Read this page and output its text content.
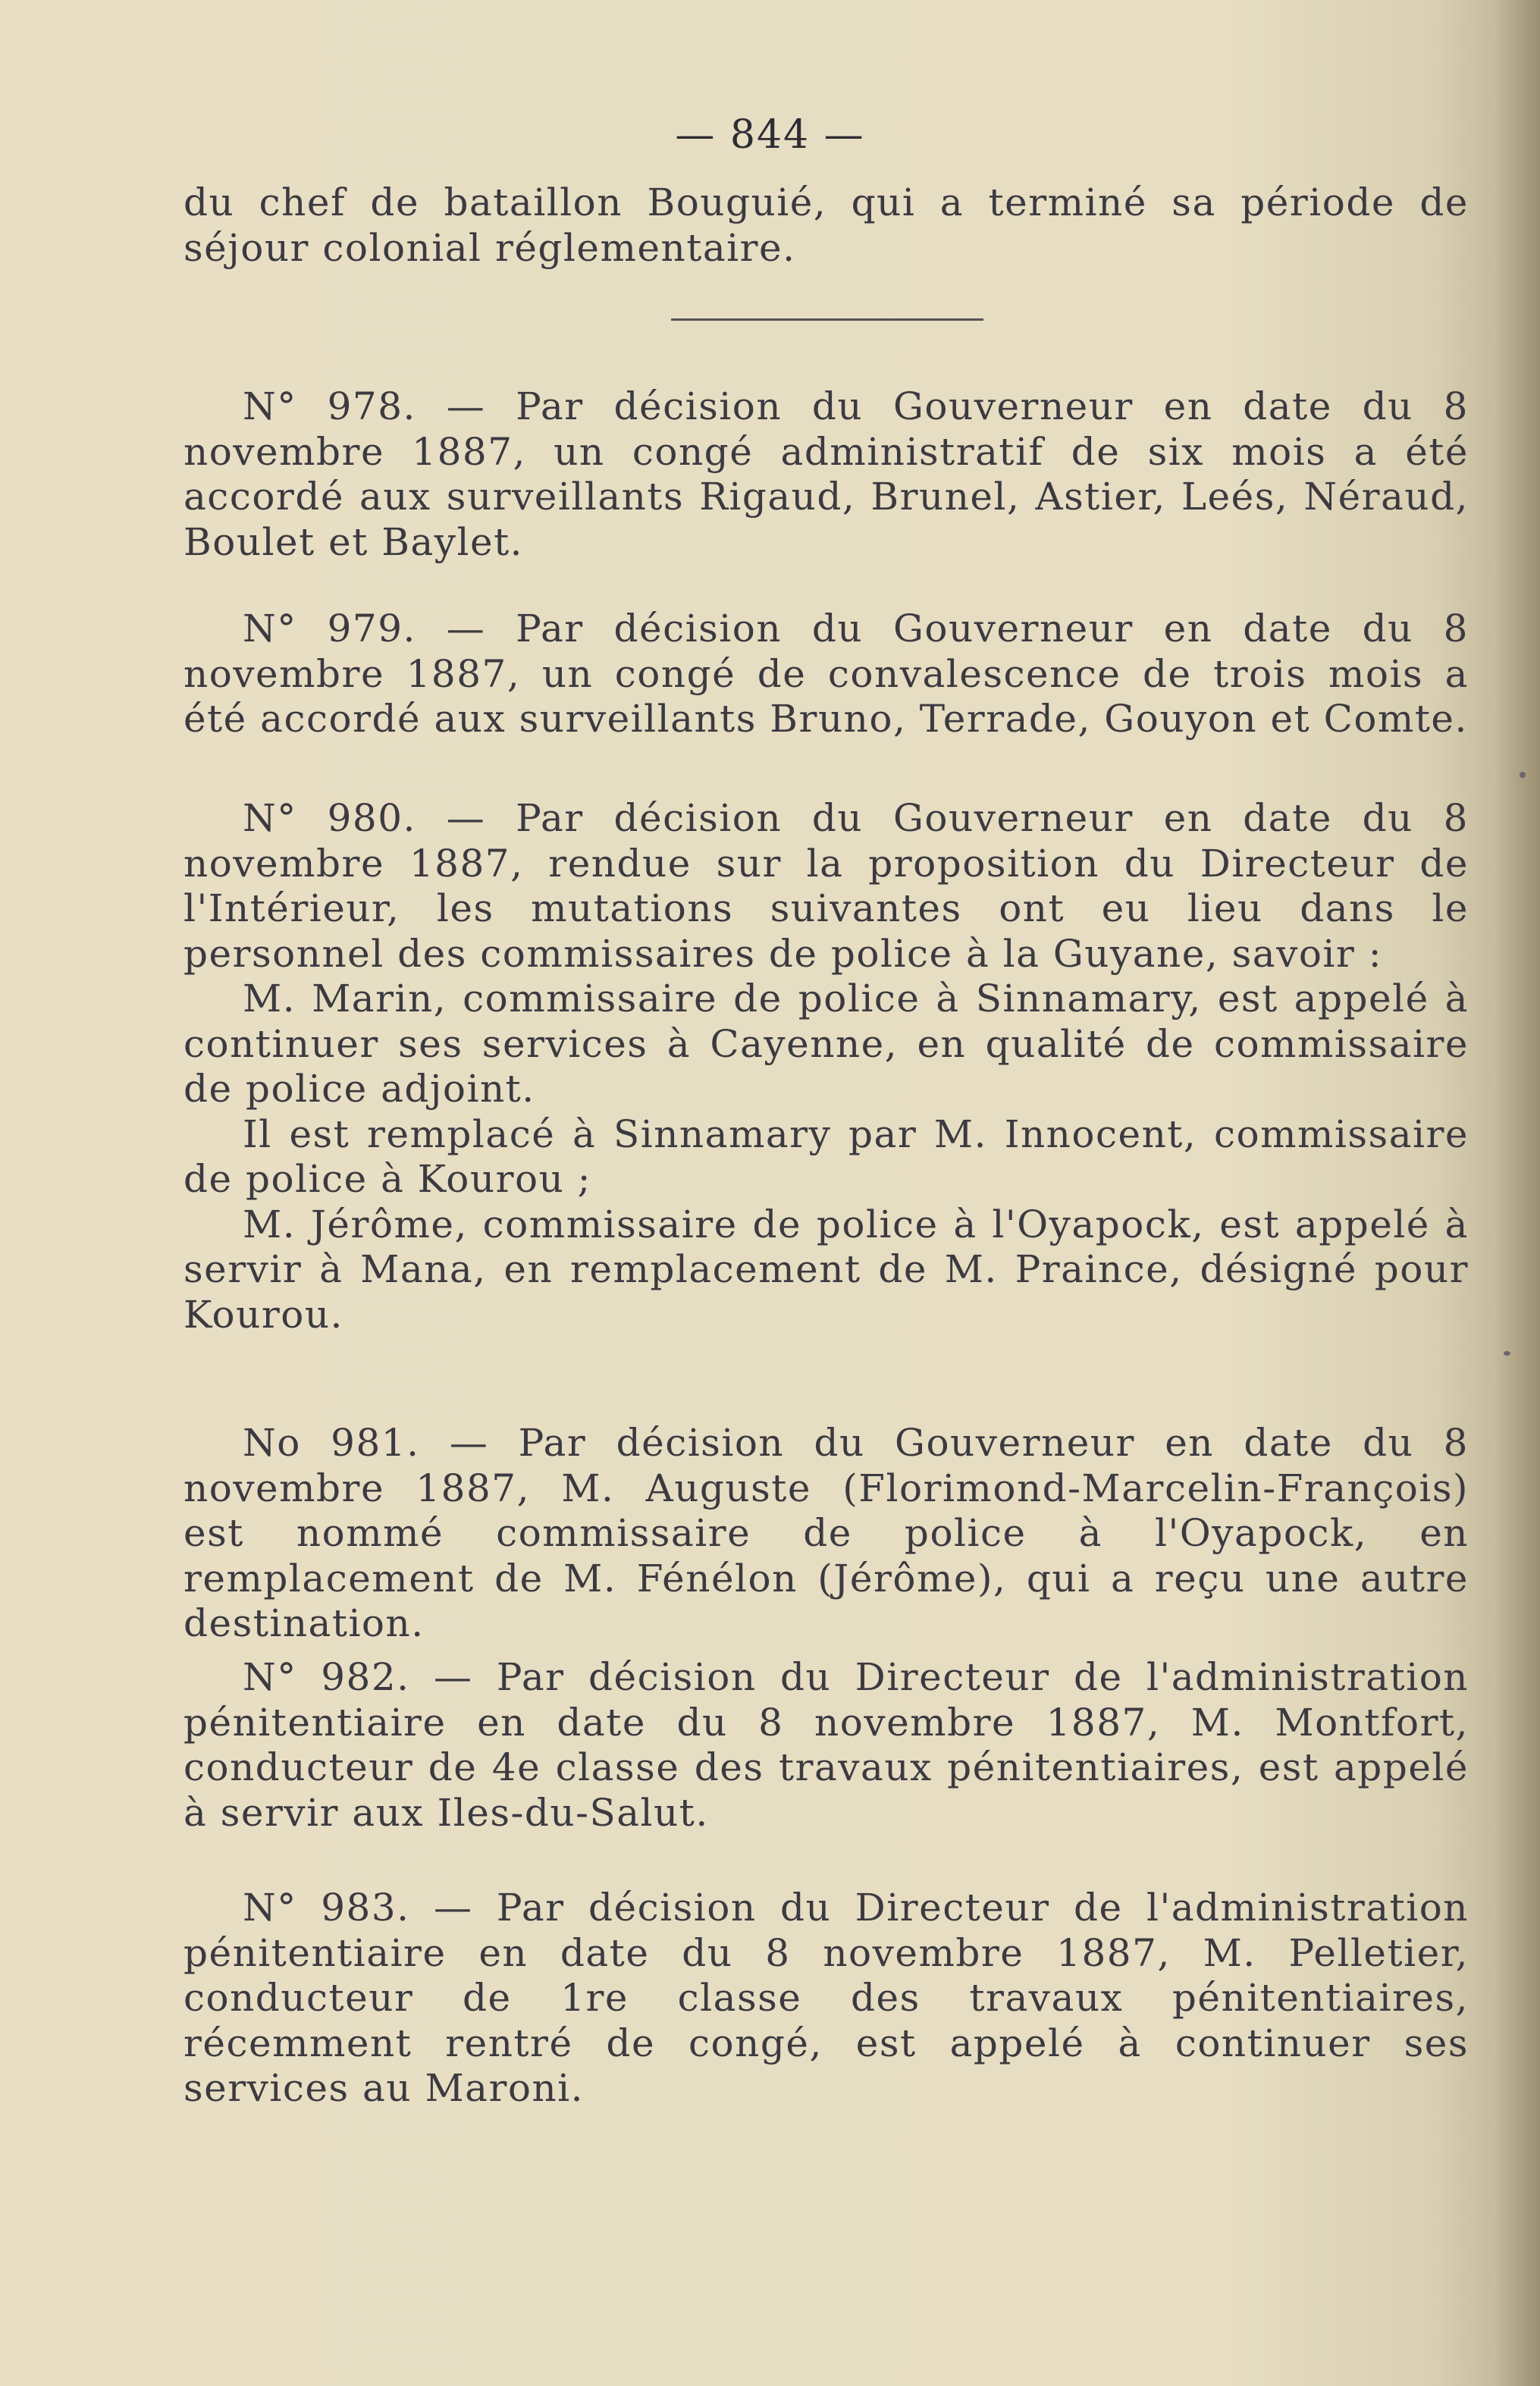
— 844 —

du chef de bataillon Bouguié, qui a terminé sa période de séjour colonial réglementaire.

N° 978. — Par décision du Gouverneur en date du 8 novembre 1887, un congé administratif de six mois a été accordé aux surveillants Rigaud, Brunel, Astier, Leés, Néraud, Boulet et Baylet.

N° 979. — Par décision du Gouverneur en date du 8 novembre 1887, un congé de convalescence de trois mois a été accordé aux surveillants Bruno, Terrade, Gouyon et Comte.

N° 980. — Par décision du Gouverneur en date du 8 novembre 1887, rendue sur la proposition du Directeur de l'Intérieur, les mutations suivantes ont eu lieu dans le personnel des commissaires de police à la Guyane, savoir :

M. Marin, commissaire de police à Sinnamary, est appelé à continuer ses services à Cayenne, en qualité de commissaire de police adjoint.

Il est remplacé à Sinnamary par M. Innocent, commissaire de police à Kourou ;

M. Jérôme, commissaire de police à l'Oyapock, est appelé à servir à Mana, en remplacement de M. Praince, désigné pour Kourou.

No 981. — Par décision du Gouverneur en date du 8 novembre 1887, M. Auguste (Florimond-Marcelin-François) est nommé commissaire de police à l'Oyapock, en remplacement de M. Fénélon (Jérôme), qui a reçu une autre destination.

N° 982. — Par décision du Directeur de l'administration pénitentiaire en date du 8 novembre 1887, M. Montfort, conducteur de 4e classe des travaux pénitentiaires, est appelé à servir aux Iles-du-Salut.

N° 983. — Par décision du Directeur de l'administration pénitentiaire en date du 8 novembre 1887, M. Pelletier, conducteur de 1re classe des travaux pénitentiaires, récemment rentré de congé, est appelé à continuer ses services au Maroni.
